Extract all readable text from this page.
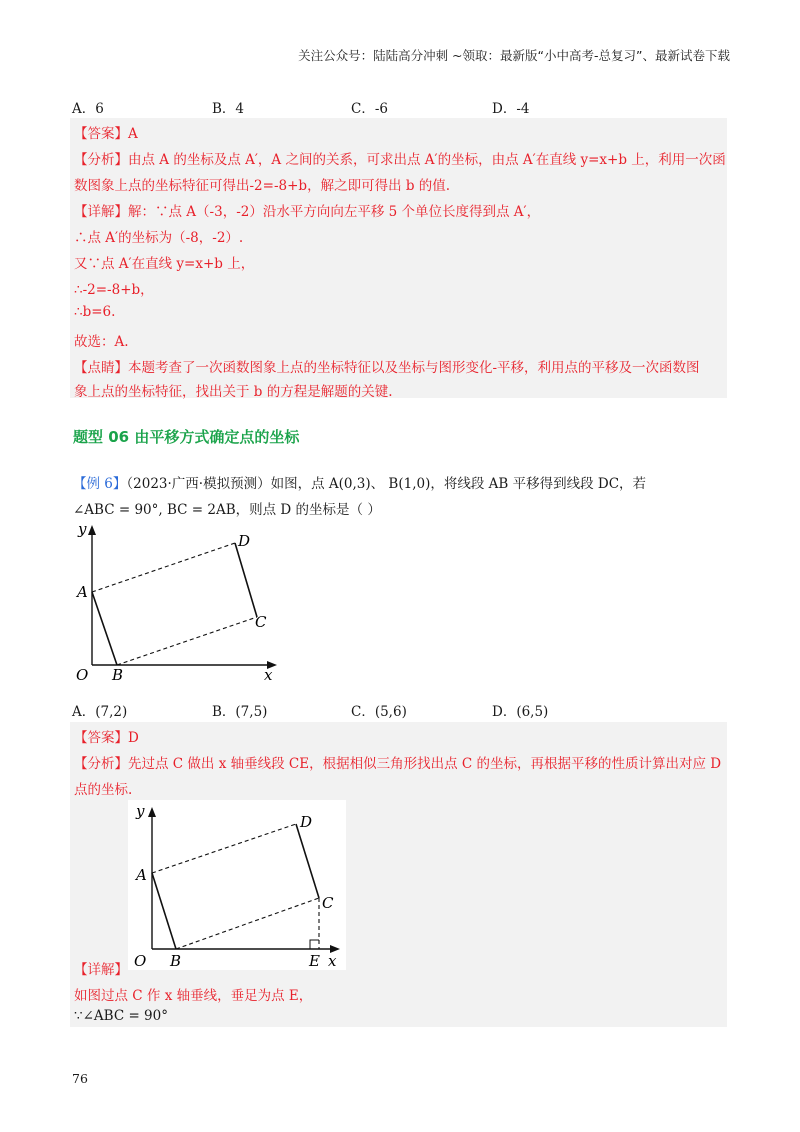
关注公众号：陆陆高分冲刺 ~领取：最新版“小中高考-总复习”、最新试卷下载
A．6	B．4	C．-6	D．-4
【答案】A
【分析】由点 A 的坐标及点 A′，A 之间的关系，可求出点 A′的坐标，由点 A′在直线 y=x+b 上，利用一次函
数图象上点的坐标特征可得出-2=-8+b，解之即可得出 b 的值.
【详解】解：∵点 A（-3，-2）沿水平方向向左平移 5 个单位长度得到点 A′，
∴点 A′的坐标为（-8，-2）.
又∵点 A′在直线 y=x+b 上，
∴-2=-8+b，
∴b=6.
故选：A.
【点睛】本题考查了一次函数图象上点的坐标特征以及坐标与图形变化-平移，利用点的平移及一次函数图
象上点的坐标特征，找出关于 b 的方程是解题的关键.
题型 06 由平移方式确定点的坐标
【例 6】（2023·广西·模拟预测）如图，点 A(0,3)、 B(1,0)，将线段 AB 平移得到线段 DC，若
∠ABC = 90°, BC = 2AB，则点 D 的坐标是（ ）
y
x
O
A
B
C
D
A．(7,2)	B．(7,5)	C．(5,6)	D．(6,5)
【答案】D
【分析】先过点 C 做出 x 轴垂线段 CE，根据相似三角形找出点 C 的坐标，再根据平移的性质计算出对应 D
点的坐标.
y
x
O
A
B
C
D
E
【详解】
如图过点 C 作 x 轴垂线，垂足为点 E，
∵∠ABC = 90°
76
